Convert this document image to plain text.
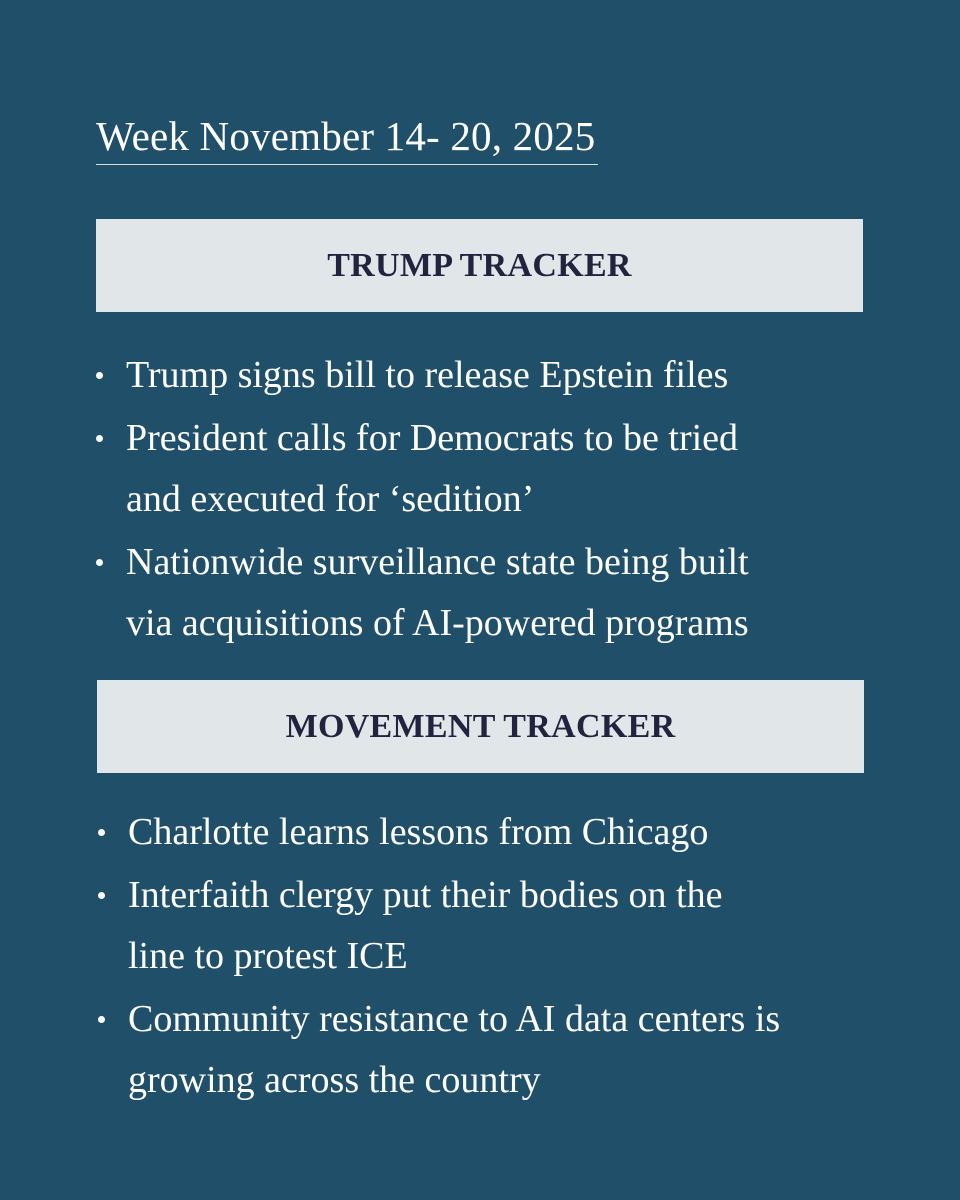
Week November 14- 20, 2025
TRUMP TRACKER
Trump signs bill to release Epstein files
President calls for Democrats to be tried
and executed for ‘sedition’
Nationwide surveillance state being built
via acquisitions of AI-powered programs
MOVEMENT TRACKER
Charlotte learns lessons from Chicago
Interfaith clergy put their bodies on the
line to protest ICE
Community resistance to AI data centers is
growing across the country
